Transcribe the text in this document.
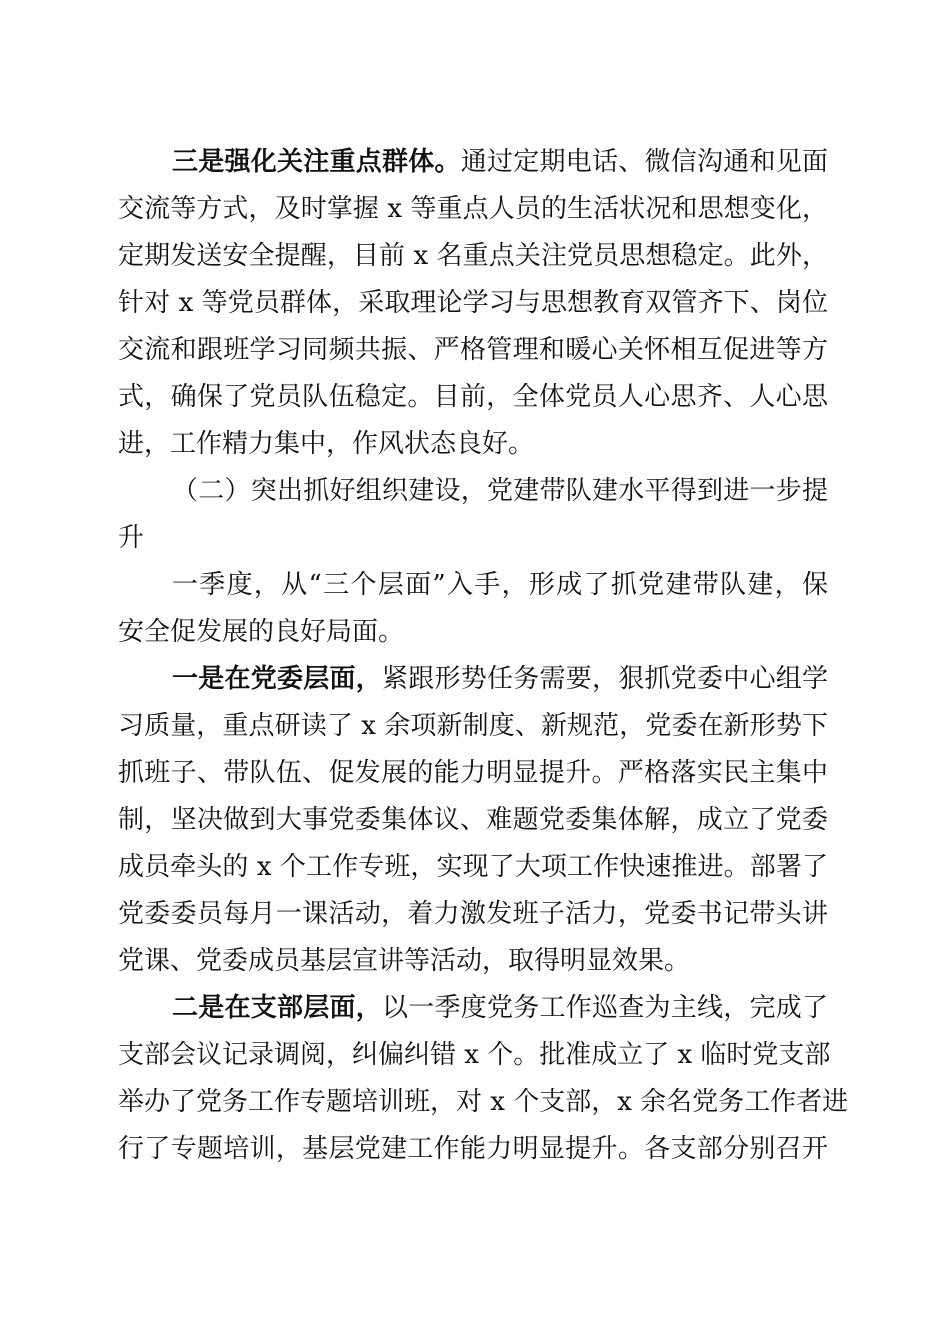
三是强化关注重点群体。通过定期电话、微信沟通和见面

交流等方式，及时掌握 x 等重点人员的生活状况和思想变化，

定期发送安全提醒，目前 x 名重点关注党员思想稳定。此外，

针对 x 等党员群体，采取理论学习与思想教育双管齐下、岗位

交流和跟班学习同频共振、严格管理和暖心关怀相互促进等方

式，确保了党员队伍稳定。目前，全体党员人心思齐、人心思

进，工作精力集中，作风状态良好。

（二）突出抓好组织建设，党建带队建水平得到进一步提

升

一季度，从“三个层面”入手，形成了抓党建带队建，保

安全促发展的良好局面。

一是在党委层面，紧跟形势任务需要，狠抓党委中心组学

习质量，重点研读了 x 余项新制度、新规范，党委在新形势下

抓班子、带队伍、促发展的能力明显提升。严格落实民主集中

制，坚决做到大事党委集体议、难题党委集体解，成立了党委

成员牵头的 x 个工作专班，实现了大项工作快速推进。部署了

党委委员每月一课活动，着力激发班子活力，党委书记带头讲

党课、党委成员基层宣讲等活动，取得明显效果。

二是在支部层面，以一季度党务工作巡查为主线，完成了

支部会议记录调阅，纠偏纠错 x 个。批准成立了 x 临时党支部

举办了党务工作专题培训班，对 x 个支部，x 余名党务工作者进

行了专题培训，基层党建工作能力明显提升。各支部分别召开
